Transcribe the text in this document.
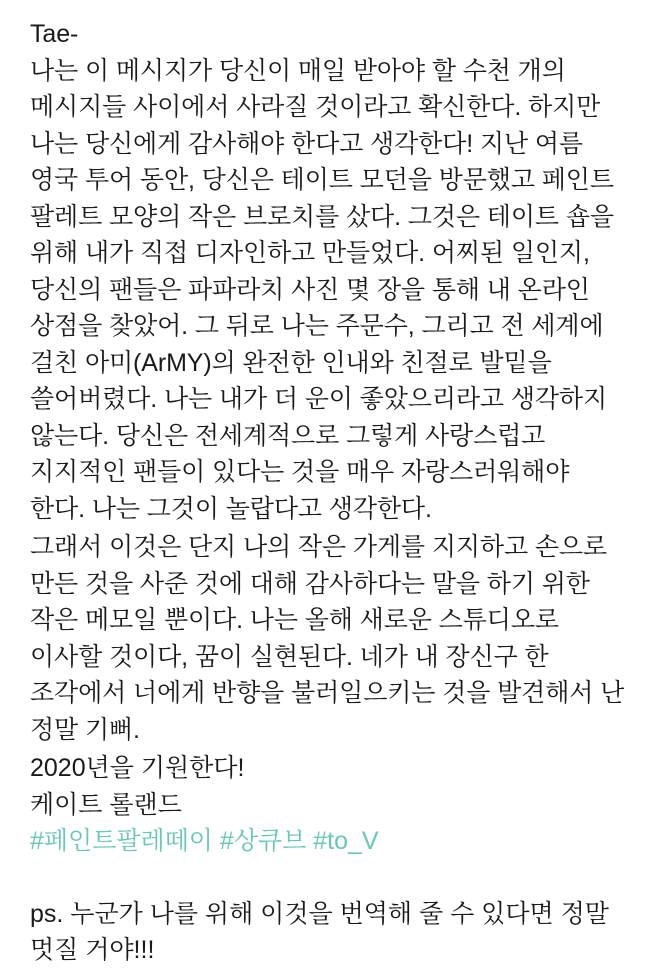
Tae-

나는 이 메시지가 당신이 매일 받아야 할 수천 개의 메시지들 사이에서 사라질 것이라고 확신한다. 하지만 나는 당신에게 감사해야 한다고 생각한다! 지난 여름 영국 투어 동안, 당신은 테이트 모던을 방문했고 페인트 팔레트 모양의 작은 브로치를 샀다. 그것은 테이트 숍을 위해 내가 직접 디자인하고 만들었다. 어찌된 일인지, 당신의 팬들은 파파라치 사진 몇 장을 통해 내 온라인 상점을 찾았어. 그 뒤로 나는 주문수, 그리고 전 세계에 걸친 아미(ArMY)의 완전한 인내와 친절로 발밑을 쓸어버렸다. 나는 내가 더 운이 좋았으리라고 생각하지 않는다. 당신은 전세계적으로 그렇게 사랑스럽고 지지적인 팬들이 있다는 것을 매우 자랑스러워해야 한다. 나는 그것이 놀랍다고 생각한다.

그래서 이것은 단지 나의 작은 가게를 지지하고 손으로 만든 것을 사준 것에 대해 감사하다는 말을 하기 위한 작은 메모일 뿐이다. 나는 올해 새로운 스튜디오로 이사할 것이다, 꿈이 실현된다. 네가 내 장신구 한 조각에서 너에게 반향을 불러일으키는 것을 발견해서 난 정말 기뻐.

2020년을 기원한다!

케이트 롤랜드

#페인트팔레떼이 #상큐브 #to_V

ps. 누군가 나를 위해 이것을 번역해 줄 수 있다면 정말 멋질 거야!!!
